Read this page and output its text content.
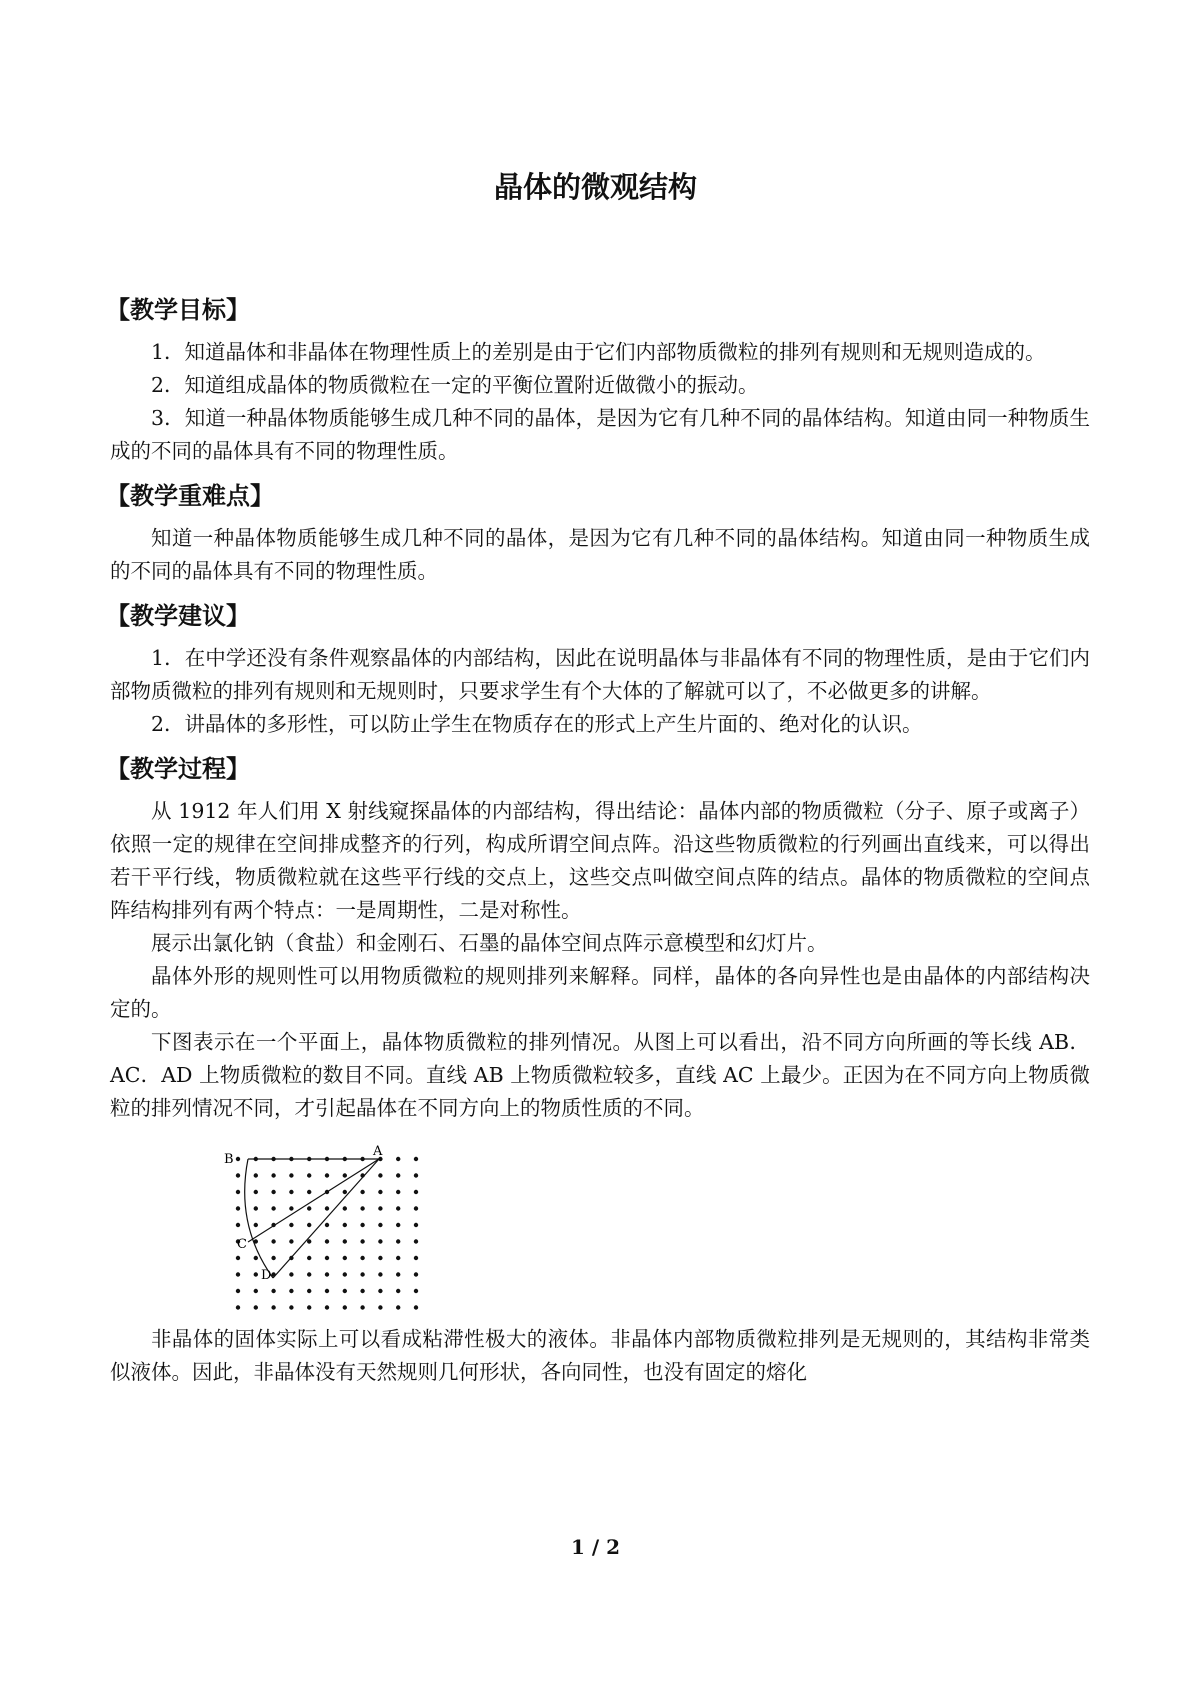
晶体的微观结构
【教学目标】

1．知道晶体和非晶体在物理性质上的差别是由于它们内部物质微粒的排列有规则和无规则造成的。

2．知道组成晶体的物质微粒在一定的平衡位置附近做微小的振动。

3．知道一种晶体物质能够生成几种不同的晶体，是因为它有几种不同的晶体结构。知道由同一种物质生成的不同的晶体具有不同的物理性质。

【教学重难点】

知道一种晶体物质能够生成几种不同的晶体，是因为它有几种不同的晶体结构。知道由同一种物质生成的不同的晶体具有不同的物理性质。

【教学建议】

1．在中学还没有条件观察晶体的内部结构，因此在说明晶体与非晶体有不同的物理性质，是由于它们内部物质微粒的排列有规则和无规则时，只要求学生有个大体的了解就可以了，不必做更多的讲解。

2．讲晶体的多形性，可以防止学生在物质存在的形式上产生片面的、绝对化的认识。

【教学过程】

从 1912 年人们用 X 射线窥探晶体的内部结构，得出结论：晶体内部的物质微粒（分子、原子或离子）依照一定的规律在空间排成整齐的行列，构成所谓空间点阵。沿这些物质微粒的行列画出直线来，可以得出若干平行线，物质微粒就在这些平行线的交点上，这些交点叫做空间点阵的结点。晶体的物质微粒的空间点阵结构排列有两个特点：一是周期性，二是对称性。

展示出氯化钠（食盐）和金刚石、石墨的晶体空间点阵示意模型和幻灯片。

晶体外形的规则性可以用物质微粒的规则排列来解释。同样，晶体的各向异性也是由晶体的内部结构决定的。

下图表示在一个平面上，晶体物质微粒的排列情况。从图上可以看出，沿不同方向所画的等长线 AB．AC．AD 上物质微粒的数目不同。直线 AB 上物质微粒较多，直线 AC 上最少。正因为在不同方向上物质微粒的排列情况不同，才引起晶体在不同方向上的物质性质的不同。

A
B
C
D

非晶体的固体实际上可以看成粘滞性极大的液体。非晶体内部物质微粒排列是无规则的，其结构非常类似液体。因此，非晶体没有天然规则几何形状，各向同性，也没有固定的熔化

1 / 2
